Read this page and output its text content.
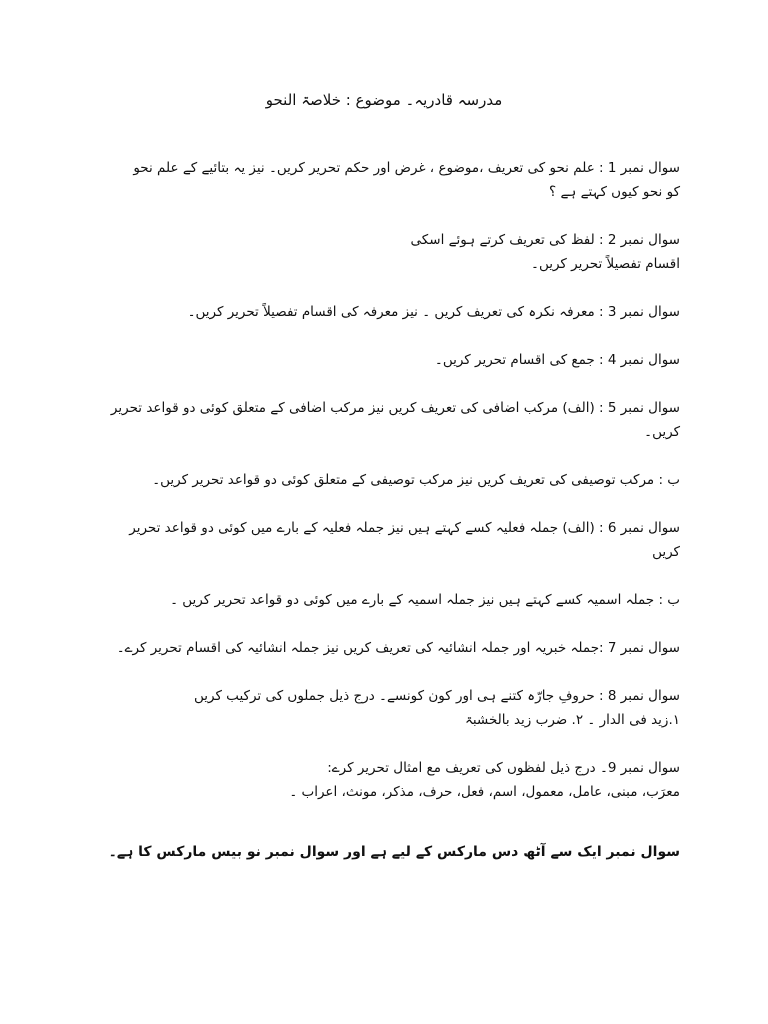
مدرسہ قادریہ۔ موضوع : خلاصۃ النحو

سوال نمبر 1 : علم نحو کی تعریف ،موضوع ، غرض اور حکم تحریر کریں۔ نیز یہ بتائیے کے علم نحو

کو نحو کیوں کہتے ہے ؟

سوال نمبر 2 : لفظ کی تعریف کرتے ہوئے اسکی

اقسام تفصیلاً تحریر کریں۔

سوال نمبر 3 : معرفہ نکرہ کی تعریف کریں ۔ نیز معرفہ کی اقسام تفصیلاً تحریر کریں۔

سوال نمبر 4 : جمع کی اقسام تحریر کریں۔

سوال نمبر 5 : (الف) مرکب اضافی کی تعریف کریں نیز مرکب اضافی کے متعلق کوئی دو قواعد تحریر

کریں۔

ب : مرکب توصیفی کی تعریف کریں نیز مرکب توصیفی کے متعلق کوئی دو قواعد تحریر کریں۔

سوال نمبر 6 : (الف) جملہ فعلیہ کسے کہتے ہیں نیز جملہ فعلیہ کے بارے میں کوئی دو قواعد تحریر

کریں

ب : جملہ اسمیہ کسے کہتے ہیں نیز جملہ اسمیہ کے بارے میں کوئی دو قواعد تحریر کریں ۔

سوال نمبر 7 :جملہ خبریہ اور جملہ انشائیہ کی تعریف کریں نیز جملہ انشائیہ کی اقسام تحریر کرے۔

سوال نمبر 8 : حروفِ جارّہ کتنے ہی اور کون کونسے۔ درج ذیل جملوں کی ترکیب کریں

۱.زید فی الدار ۔ ۲. ضرب زید بالخشبۃ

سوال نمبر 9۔ درج ذیل لفظوں کی تعریف مع امثال تحریر کرے:

معرَب، مبنی، عامل، معمول، اسم، فعل، حرف، مذکر، مونث، اعراب ۔

سوال نمبر ایک سے آٹھ دس مارکس کے لیے ہے اور سوال نمبر نو بیس مارکس کا ہے۔
